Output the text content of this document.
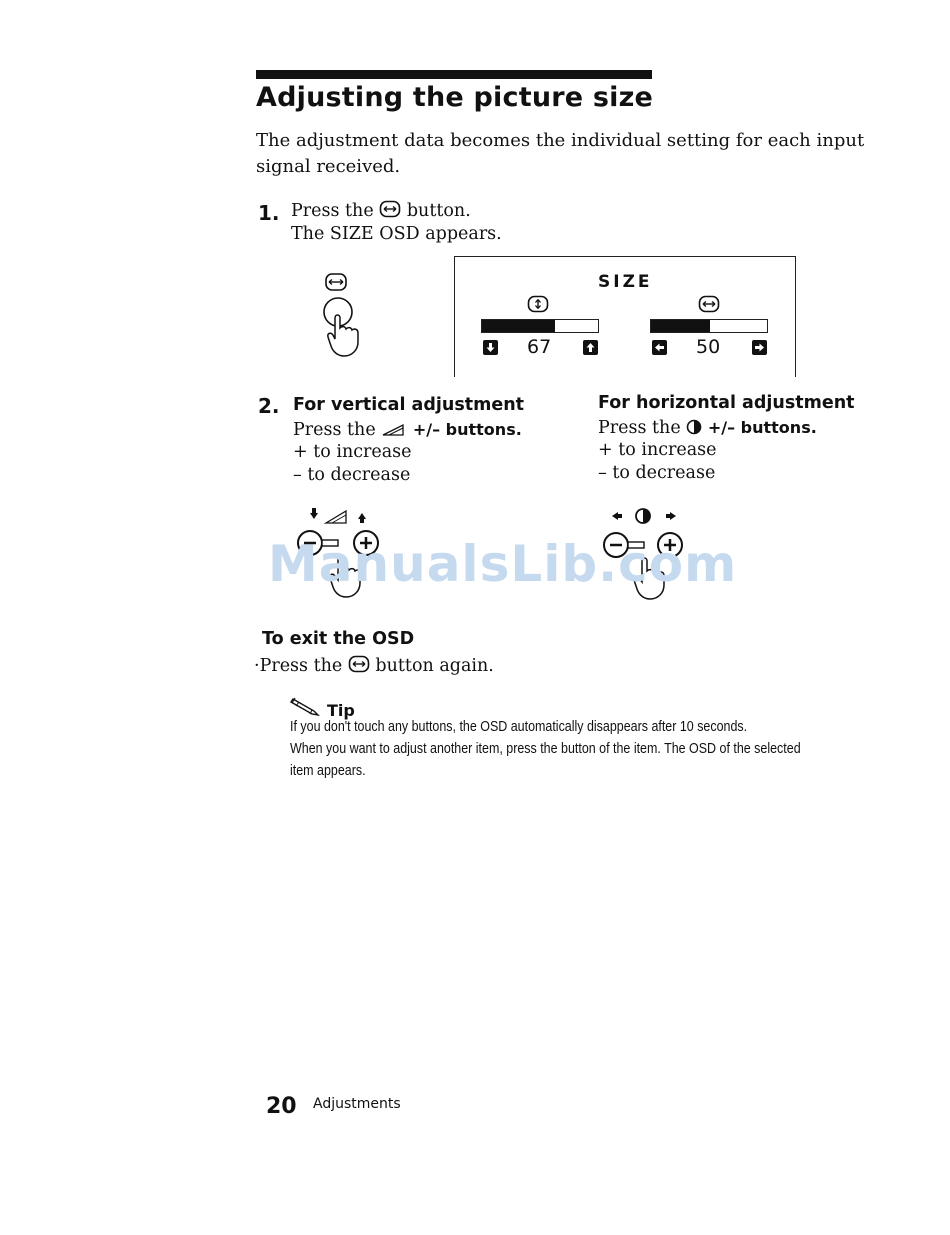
Adjusting the picture size
The adjustment data becomes the individual setting for each input signal received.
1. Press the button.
The SIZE OSD appears.
SIZE
67	50
2. For vertical adjustment
Press the +/– buttons.
+ to increase
– to decrease
For horizontal adjustment
Press the +/– buttons.
+ to increase
– to decrease
ManualsLib.com
To exit the OSD
·Press the button again.
Tip
If you don't touch any buttons, the OSD automatically disappears after 10 seconds.
When you want to adjust another item, press the button of the item. The OSD of the selected
item appears.
20 Adjustments
